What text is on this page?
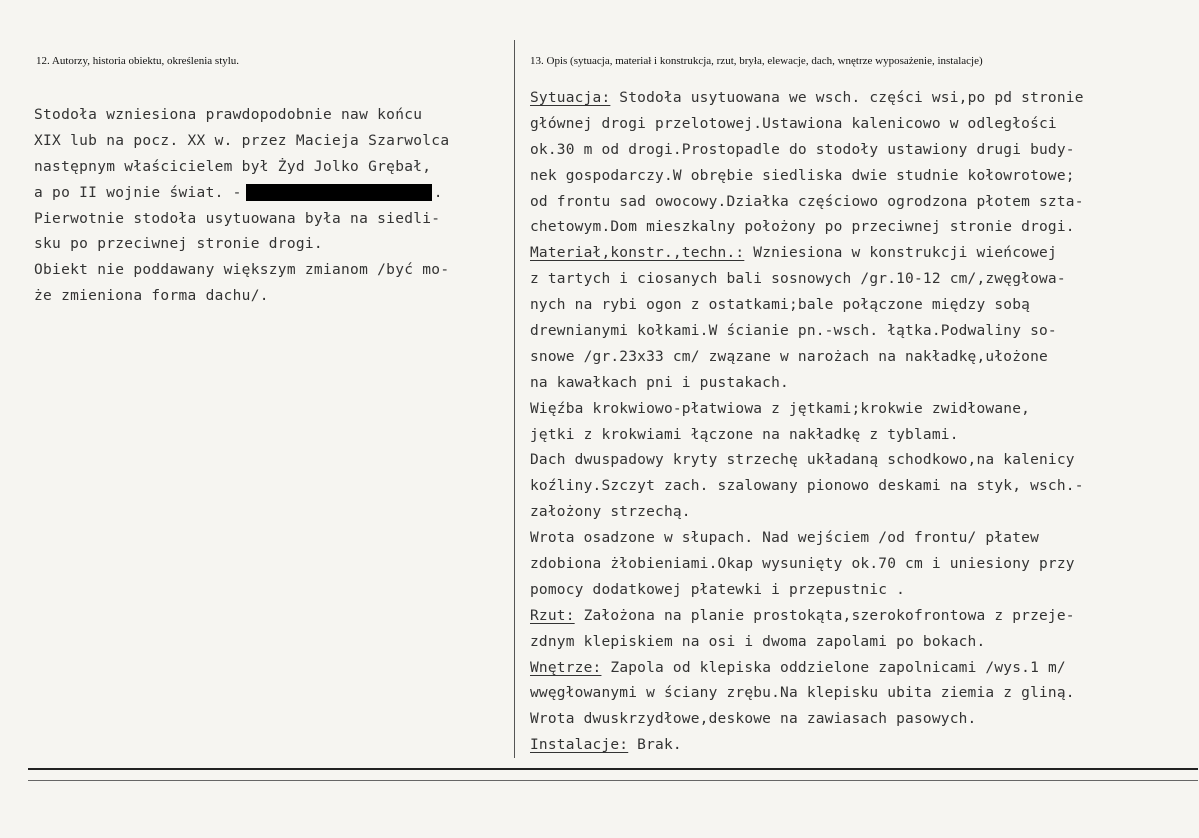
12. Autorzy, historia obiektu, określenia stylu.	13. Opis (sytuacja, materiał i konstrukcja, rzut, bryła, elewacje, dach, wnętrze wyposażenie, instalacje)
Stodoła wzniesiona prawdopodobnie naw końcu
XIX lub na pocz. XX w. przez Macieja Szarwolca
następnym właścicielem był Żyd Jolko Grębał,
a po II wojnie świat. -	.
Pierwotnie stodoła usytuowana była na siedli-
sku po przeciwnej stronie drogi.
Obiekt nie poddawany większym zmianom /być mo-
że zmieniona forma dachu/.
Sytuacja: Stodoła usytuowana we wsch. części wsi,po pd stronie
głównej drogi przelotowej.Ustawiona kalenicowo w odległości
ok.30 m od drogi.Prostopadle do stodoły ustawiony drugi budy-
nek gospodarczy.W obrębie siedliska dwie studnie kołowrotowe;
od frontu sad owocowy.Działka częściowo ogrodzona płotem szta-
chetowym.Dom mieszkalny położony po przeciwnej stronie drogi.
Materiał,konstr.,techn.: Wzniesiona w konstrukcji wieńcowej
z tartych i ciosanych bali sosnowych /gr.10-12 cm/,zwęgłowa-
nych na rybi ogon z ostatkami;bale połączone między sobą
drewnianymi kołkami.W ścianie pn.-wsch. łątka.Podwaliny so-
snowe /gr.23x33 cm/ zwązane w narożach na nakładkę,ułożone
na kawałkach pni i pustakach.
Więźba krokwiowo-płatwiowa z jętkami;krokwie zwidłowane,
jętki z krokwiami łączone na nakładkę z tyblami.
Dach dwuspadowy kryty strzechę układaną schodkowo,na kalenicy
koźliny.Szczyt zach. szalowany pionowo deskami na styk, wsch.-
założony strzechą.
Wrota osadzone w słupach. Nad wejściem /od frontu/ płatew
zdobiona żłobieniami.Okap wysunięty ok.70 cm i uniesiony przy
pomocy dodatkowej płatewki i przepustnic .
Rzut: Założona na planie prostokąta,szerokofrontowa z przeje-
zdnym klepiskiem na osi i dwoma zapolami po bokach.
Wnętrze: Zapola od klepiska oddzielone zapolnicami /wys.1 m/
wwęgłowanymi w ściany zrębu.Na klepisku ubita ziemia z gliną.
Wrota dwuskrzydłowe,deskowe na zawiasach pasowych.
Instalacje: Brak.
